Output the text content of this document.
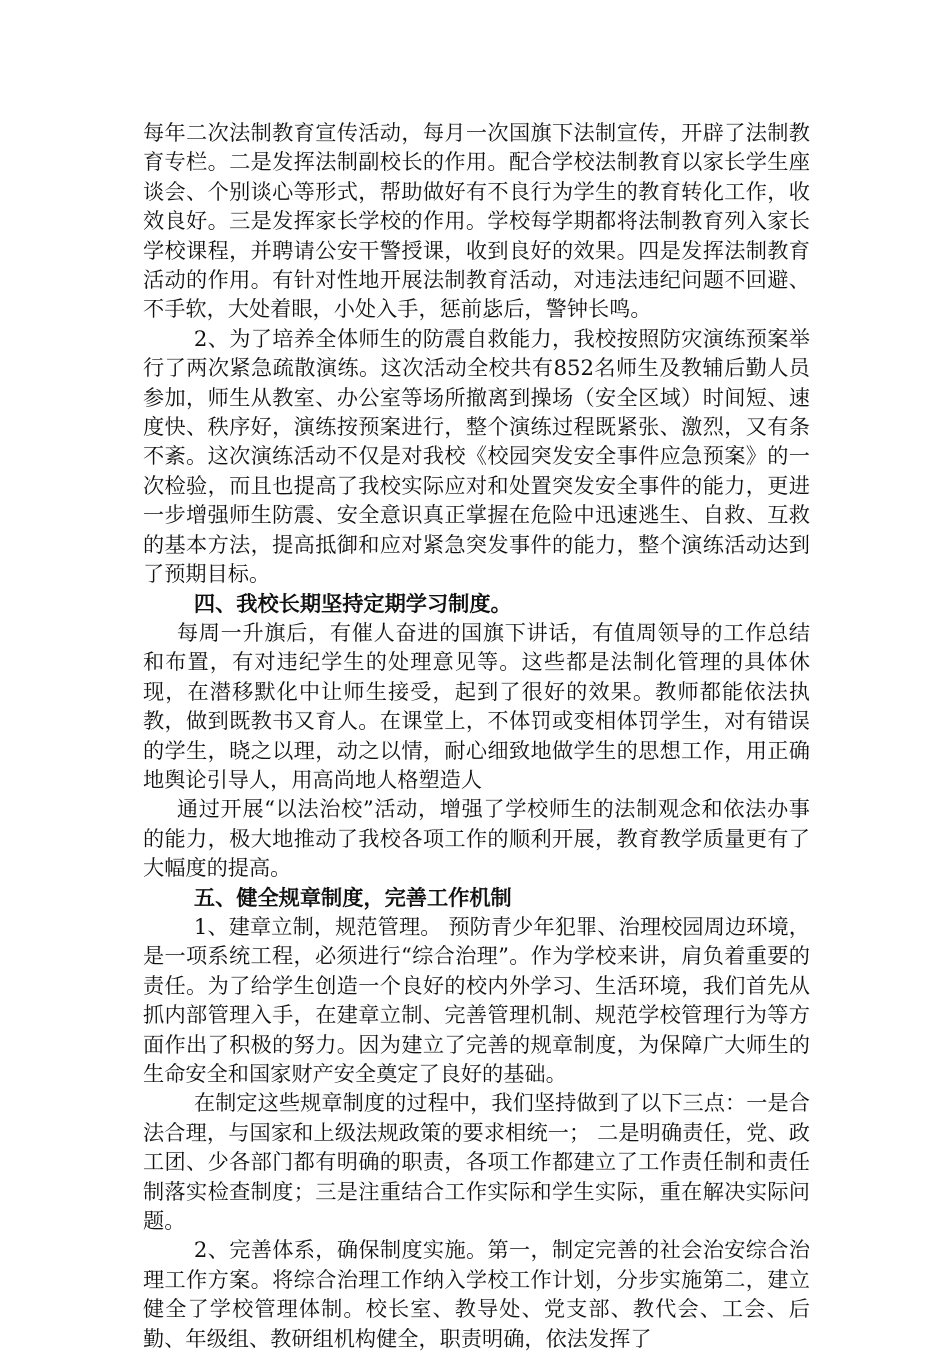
每年二次法制教育宣传活动，每月一次国旗下法制宣传，开辟了法制教育专栏。二是发挥法制副校长的作用。配合学校法制教育以家长学生座谈会、个别谈心等形式，帮助做好有不良行为学生的教育转化工作，收效良好。三是发挥家长学校的作用。学校每学期都将法制教育列入家长学校课程，并聘请公安干警授课，收到良好的效果。四是发挥法制教育活动的作用。有针对性地开展法制教育活动，对违法违纪问题不回避、不手软，大处着眼，小处入手，惩前毖后，警钟长鸣。

2、为了培养全体师生的防震自救能力，我校按照防灾演练预案举行了两次紧急疏散演练。这次活动全校共有852名师生及教辅后勤人员参加，师生从教室、办公室等场所撤离到操场（安全区域）时间短、速度快、秩序好，演练按预案进行，整个演练过程既紧张、激烈，又有条不紊。这次演练活动不仅是对我校《校园突发安全事件应急预案》的一次检验，而且也提高了我校实际应对和处置突发安全事件的能力，更进一步增强师生防震、安全意识真正掌握在危险中迅速逃生、自救、互救的基本方法，提高抵御和应对紧急突发事件的能力，整个演练活动达到了预期目标。

四、我校长期坚持定期学习制度。

每周一升旗后，有催人奋进的国旗下讲话，有值周领导的工作总结和布置，有对违纪学生的处理意见等。这些都是法制化管理的具体休现，在潜移默化中让师生接受，起到了很好的效果。教师都能依法执教，做到既教书又育人。在课堂上，不体罚或变相体罚学生，对有错误的学生，晓之以理，动之以情，耐心细致地做学生的思想工作，用正确地舆论引导人，用高尚地人格塑造人

通过开展“以法治校”活动，增强了学校师生的法制观念和依法办事的能力，极大地推动了我校各项工作的顺利开展，教育教学质量更有了大幅度的提高。

五、健全规章制度，完善工作机制

1、建章立制，规范管理。 预防青少年犯罪、治理校园周边环境，是一项系统工程，必须进行“综合治理”。作为学校来讲，肩负着重要的责任。为了给学生创造一个良好的校内外学习、生活环境，我们首先从抓内部管理入手，在建章立制、完善管理机制、规范学校管理行为等方面作出了积极的努力。因为建立了完善的规章制度，为保障广大师生的生命安全和国家财产安全奠定了良好的基础。

在制定这些规章制度的过程中，我们坚持做到了以下三点：一是合法合理，与国家和上级法规政策的要求相统一； 二是明确责任，党、政工团、少各部门都有明确的职责，各项工作都建立了工作责任制和责任制落实检查制度；三是注重结合工作实际和学生实际，重在解决实际问题。

2、完善体系，确保制度实施。第一，制定完善的社会治安综合治理工作方案。将综合治理工作纳入学校工作计划，分步实施第二，建立健全了学校管理体制。校长室、教导处、党支部、教代会、工会、后勤、年级组、教研组机构健全，职责明确，依法发挥了
